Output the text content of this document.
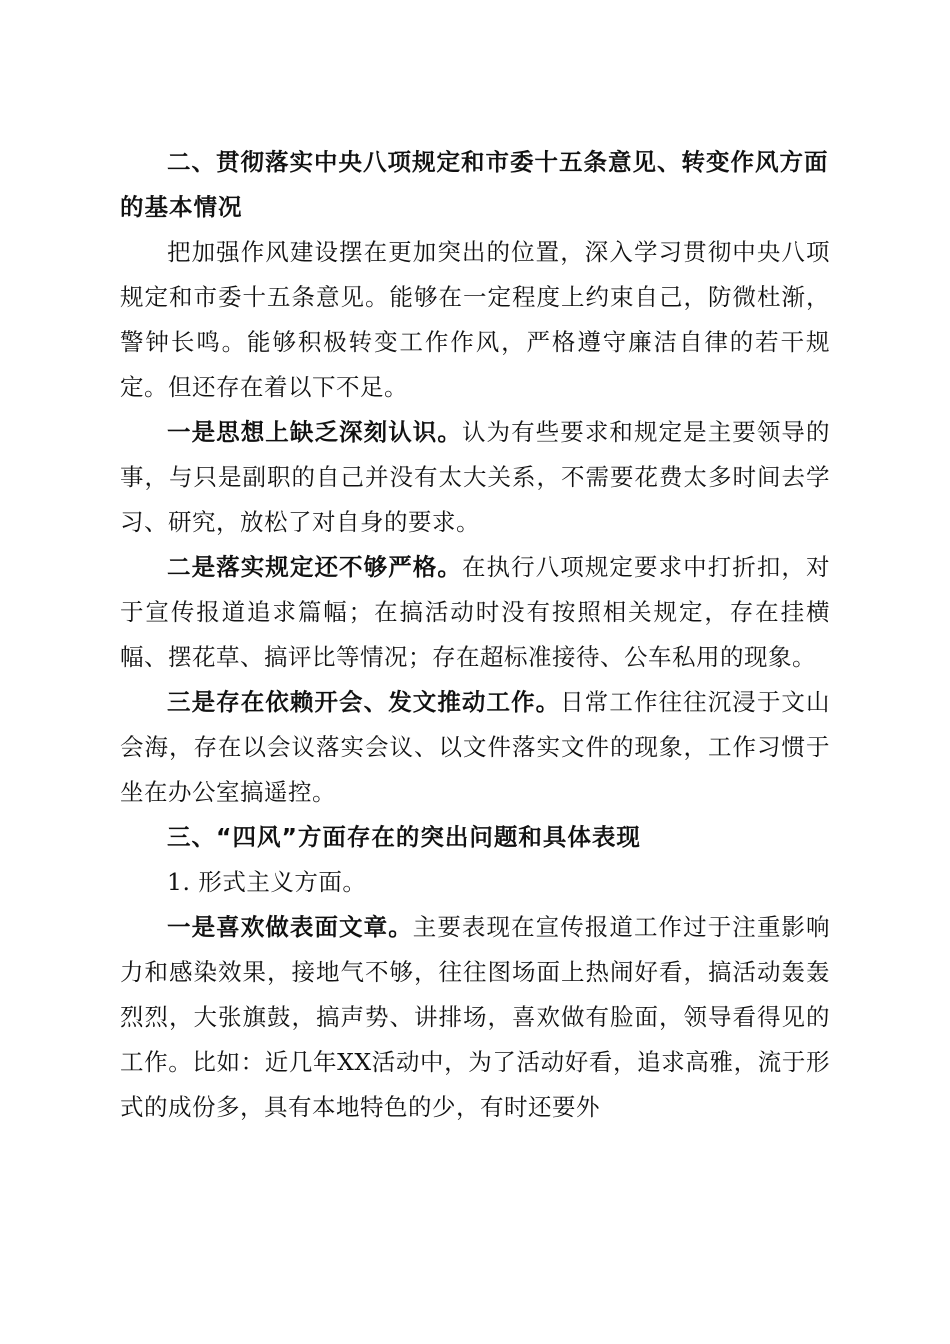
二、贯彻落实中央八项规定和市委十五条意见、转变作风方面的基本情况

把加强作风建设摆在更加突出的位置，深入学习贯彻中央八项规定和市委十五条意见。能够在一定程度上约束自己，防微杜渐，警钟长鸣。能够积极转变工作作风，严格遵守廉洁自律的若干规定。但还存在着以下不足。

一是思想上缺乏深刻认识。认为有些要求和规定是主要领导的事，与只是副职的自己并没有太大关系，不需要花费太多时间去学习、研究，放松了对自身的要求。

二是落实规定还不够严格。在执行八项规定要求中打折扣，对于宣传报道追求篇幅；在搞活动时没有按照相关规定，存在挂横幅、摆花草、搞评比等情况；存在超标准接待、公车私用的现象。

三是存在依赖开会、发文推动工作。日常工作往往沉浸于文山会海，存在以会议落实会议、以文件落实文件的现象，工作习惯于坐在办公室搞遥控。

三、“四风”方面存在的突出问题和具体表现

1. 形式主义方面。

一是喜欢做表面文章。主要表现在宣传报道工作过于注重影响力和感染效果，接地气不够，往往图场面上热闹好看，搞活动轰轰烈烈，大张旗鼓，搞声势、讲排场，喜欢做有脸面，领导看得见的工作。比如：近几年XX活动中，为了活动好看，追求高雅，流于形式的成份多，具有本地特色的少，有时还要外
